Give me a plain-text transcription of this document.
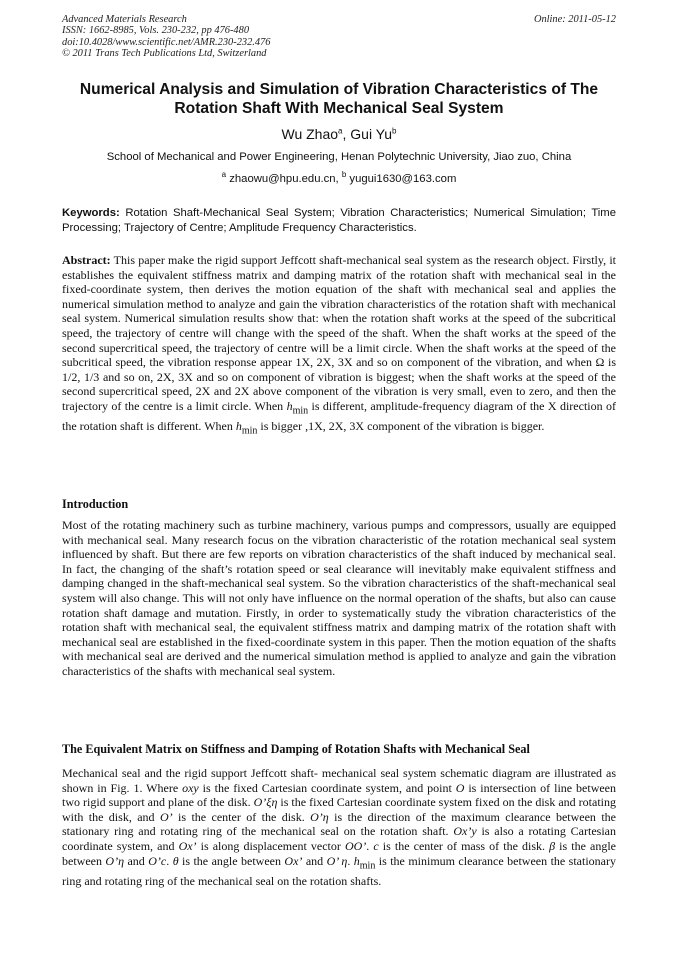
Advanced Materials Research
ISSN: 1662-8985, Vols. 230-232, pp 476-480
doi:10.4028/www.scientific.net/AMR.230-232.476
© 2011 Trans Tech Publications Ltd, Switzerland
Online: 2011-05-12
Numerical Analysis and Simulation of Vibration Characteristics of The Rotation Shaft With Mechanical Seal System
Wu Zhao$^a$, Gui Yu$^b$
School of Mechanical and Power Engineering, Henan Polytechnic University, Jiao zuo, China
$^a$ zhaowu@hpu.edu.cn, $^b$ yugui1630@163.com
Keywords: Rotation Shaft-Mechanical Seal System; Vibration Characteristics; Numerical Simulation; Time Processing; Trajectory of Centre; Amplitude Frequency Characteristics.
Abstract: This paper make the rigid support Jeffcott shaft-mechanical seal system as the research object. Firstly, it establishes the equivalent stiffness matrix and damping matrix of the rotation shaft with mechanical seal in the fixed-coordinate system, then derives the motion equation of the shaft with mechanical seal and applies the numerical simulation method to analyze and gain the vibration characteristics of the rotation shaft with mechanical seal system. Numerical simulation results show that: when the rotation shaft works at the speed of the subcritical speed, the trajectory of centre will change with the speed of the shaft. When the shaft works at the speed of the second supercritical speed, the trajectory of centre will be a limit circle. When the shaft works at the speed of the subcritical speed, the vibration response appear 1X, 2X, 3X and so on component of the vibration, and when Ω is 1/2, 1/3 and so on, 2X, 3X and so on component of vibration is biggest; when the shaft works at the speed of the second supercritical speed, 2X and 2X above component of the vibration is very small, even to zero, and then the trajectory of the centre is a limit circle. When $h_{min}$ is different, amplitude-frequency diagram of the X direction of the rotation shaft is different. When $h_{min}$ is bigger ,1X, 2X, 3X component of the vibration is bigger.
Introduction
Most of the rotating machinery such as turbine machinery, various pumps and compressors, usually are equipped with mechanical seal. Many research focus on the vibration characteristic of the rotation mechanical seal system influenced by shaft. But there are few reports on vibration characteristics of the shaft induced by mechanical seal. In fact, the changing of the shaft’s rotation speed or seal clearance will inevitably make equivalent stiffness and damping changed in the shaft-mechanical seal system. So the vibration characteristics of the shaft-mechanical seal system will also change. This will not only have influence on the normal operation of the shafts, but also can cause rotation shaft damage and mutation. Firstly, in order to systematically study the vibration characteristics of the rotation shaft with mechanical seal, the equivalent stiffness matrix and damping matrix of the rotation shaft with mechanical seal are established in the fixed-coordinate system in this paper. Then the motion equation of the shafts with mechanical seal are derived and the numerical simulation method is applied to analyze and gain the vibration characteristics of the shafts with mechanical seal system.
The Equivalent Matrix on Stiffness and Damping of Rotation Shafts with Mechanical Seal
Mechanical seal and the rigid support Jeffcott shaft- mechanical seal system schematic diagram are illustrated as shown in Fig. 1. Where oxy is the fixed Cartesian coordinate system, and point O is intersection of line between two rigid support and plane of the disk. O’ξη is the fixed Cartesian coordinate system fixed on the disk and rotating with the disk, and O’ is the center of the disk. O’η is the direction of the maximum clearance between the stationary ring and rotating ring of the mechanical seal on the rotation shaft. Ox’y is also a rotating Cartesian coordinate system, and Ox’ is along displacement vector OO’. c is the center of mass of the disk. β is the angle between O’η and O’c. θ is the angle between Ox’ and O’ η. $h_{min}$ is the minimum clearance between the stationary ring and rotating ring of the mechanical seal on the rotation shafts.
